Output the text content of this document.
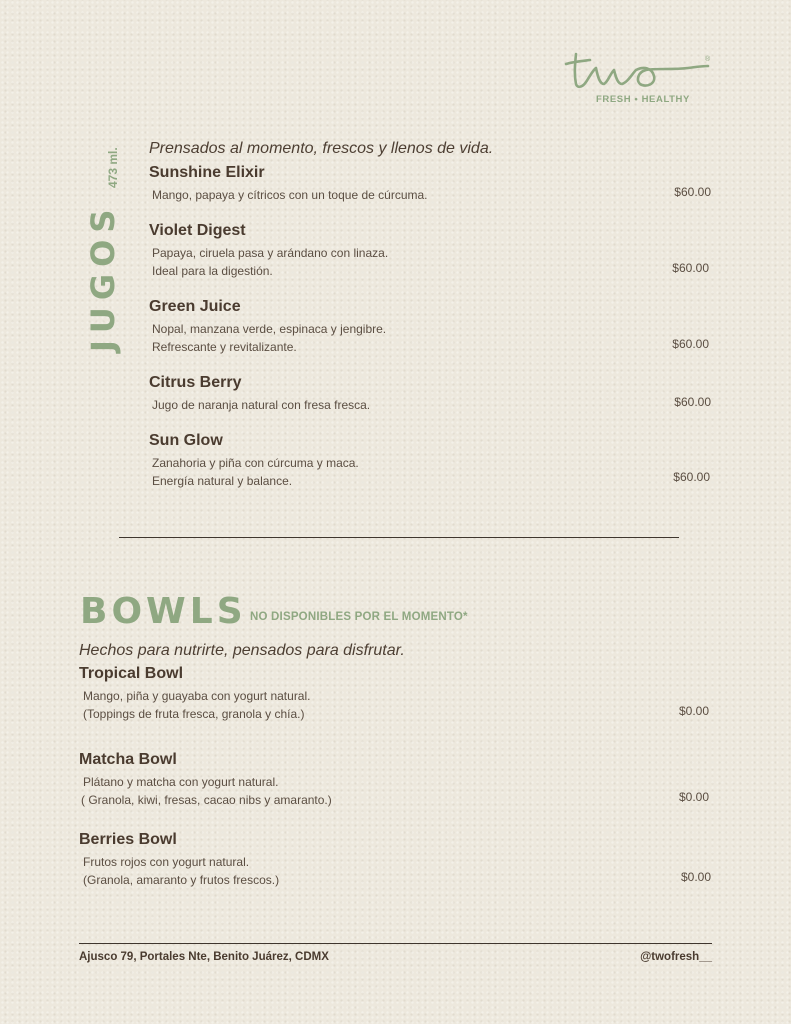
®
FRESH • HEALTHY
JUGOS
473 ml. Prensados al momento, frescos y llenos de vida.
Sunshine Elixir
Mango, papaya y cítricos con un toque de cúrcuma.	$60.00
Violet Digest
Papaya, ciruela pasa y arándano con linaza.
Ideal para la digestión.	$60.00
Green Juice
Nopal, manzana verde, espinaca y jengibre.
Refrescante y revitalizante.	$60.00
Citrus Berry
Jugo de naranja natural con fresa fresca.	$60.00
Sun Glow
Zanahoria y piña con cúrcuma y maca.
Energía natural y balance.	$60.00
BOWLS NO DISPONIBLES POR EL MOMENTO*
Hechos para nutrirte, pensados para disfrutar.
Tropical Bowl
Mango, piña y guayaba con yogurt natural.
(Toppings de fruta fresca, granola y chía.)	$0.00
Matcha Bowl
Plátano y matcha con yogurt natural.
( Granola, kiwi, fresas, cacao nibs y amaranto.)	$0.00
Berries Bowl
Frutos rojos con yogurt natural.
(Granola, amaranto y frutos frescos.)	$0.00
Ajusco 79, Portales Nte, Benito Juárez, CDMX	@twofresh__
